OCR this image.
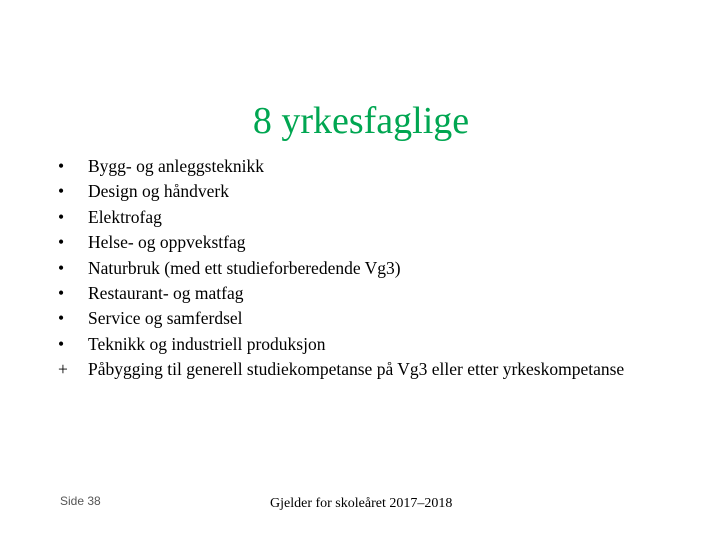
8 yrkesfaglige
•	Bygg- og anleggsteknikk
•	Design og håndverk
•	Elektrofag
•	Helse- og oppvekstfag
•	Naturbruk (med ett studieforberedende Vg3)
•	Restaurant- og matfag
•	Service og samferdsel
•	Teknikk og industriell produksjon
+	Påbygging til generell studiekompetanse på Vg3 eller etter yrkeskompetanse
Side 38	Gjelder for skoleåret 2017–2018
